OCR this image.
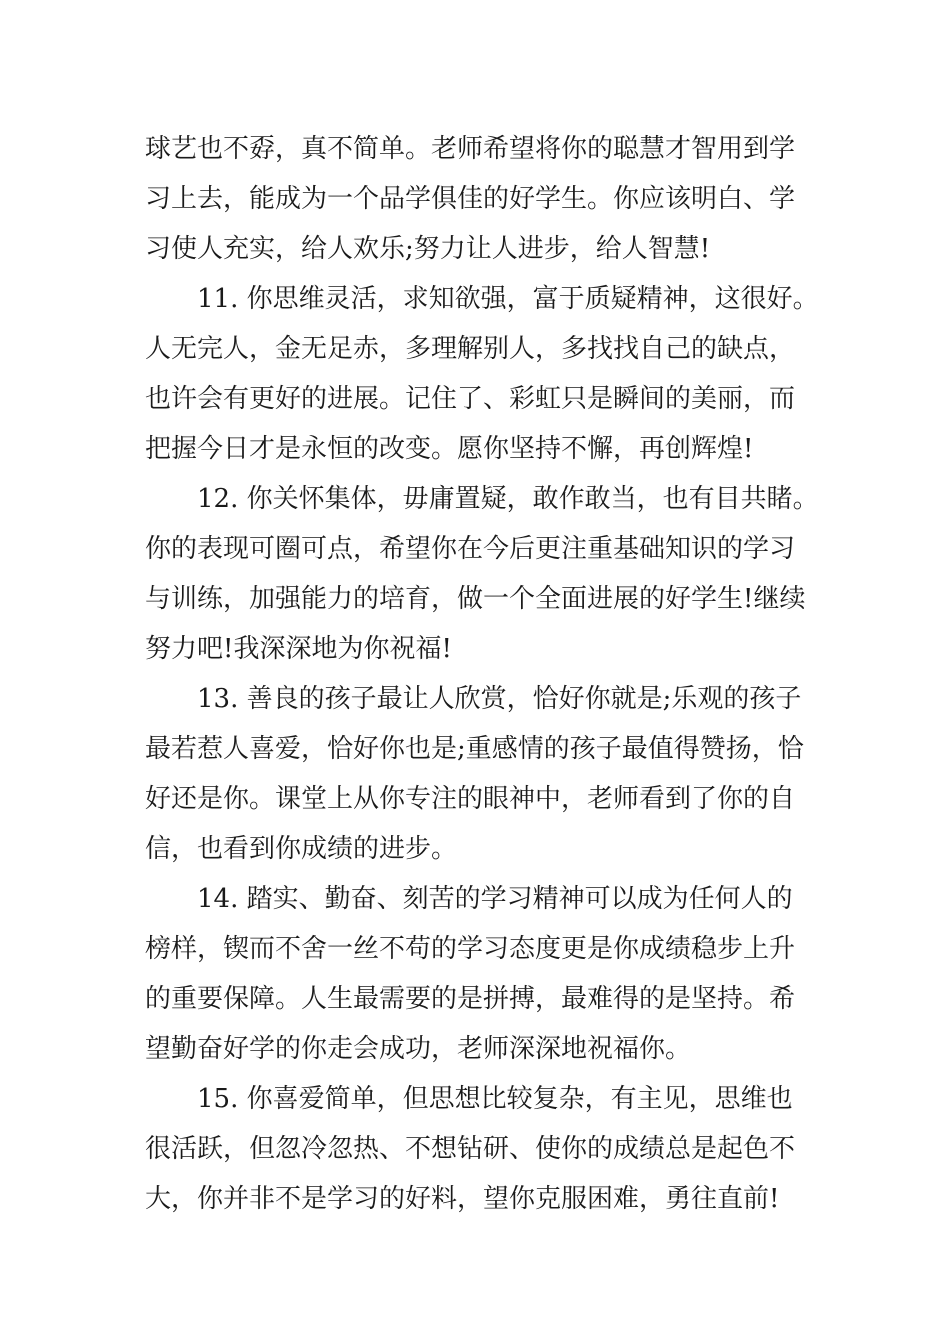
球艺也不孬，真不简单。老师希望将你的聪慧才智用到学
习上去，能成为一个品学俱佳的好学生。你应该明白、学
习使人充实，给人欢乐;努力让人进步，给人智慧!
11. 你思维灵活，求知欲强，富于质疑精神，这很好。
人无完人，金无足赤，多理解别人，多找找自己的缺点，
也许会有更好的进展。记住了、彩虹只是瞬间的美丽，而
把握今日才是永恒的改变。愿你坚持不懈，再创辉煌!
12. 你关怀集体，毋庸置疑，敢作敢当，也有目共睹。
你的表现可圈可点，希望你在今后更注重基础知识的学习
与训练，加强能力的培育，做一个全面进展的好学生!继续
努力吧!我深深地为你祝福!
13. 善良的孩子最让人欣赏，恰好你就是;乐观的孩子
最若惹人喜爱，恰好你也是;重感情的孩子最值得赞扬，恰
好还是你。课堂上从你专注的眼神中，老师看到了你的自
信，也看到你成绩的进步。
14. 踏实、勤奋、刻苦的学习精神可以成为任何人的
榜样，锲而不舍一丝不苟的学习态度更是你成绩稳步上升
的重要保障。人生最需要的是拼搏，最难得的是坚持。希
望勤奋好学的你走会成功，老师深深地祝福你。
15. 你喜爱简单，但思想比较复杂，有主见，思维也
很活跃，但忽冷忽热、不想钻研、使你的成绩总是起色不
大，你并非不是学习的好料，望你克服困难，勇往直前!
